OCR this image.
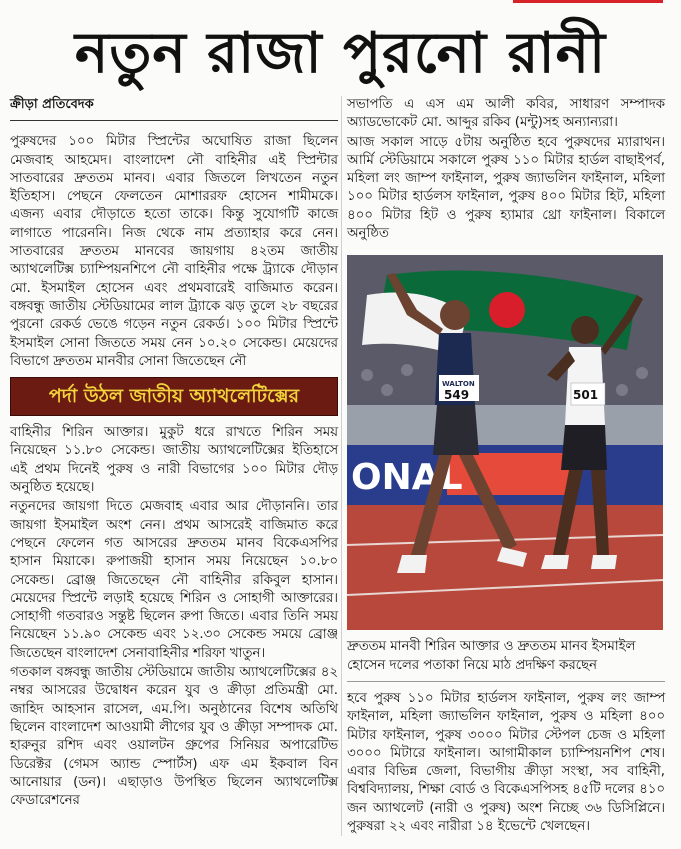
নতুন রাজা পুরনো রানী
ক্রীড়া প্রতিবেদক

পুরুষদের ১০০ মিটার স্প্রিন্টের অঘোষিত রাজা ছিলেন মেজবাহ আহমেদ। বাংলাদেশ নৌ বাহিনীর এই স্প্রিন্টার সাতবারের দ্রুততম মানব। এবার জিতলে লিখতেন নতুন ইতিহাস। পেছনে ফেলতেন মোশাররফ হোসেন শামীমকে। এজন্য এবার দৌড়াতে হতো তাকে। কিন্তু সুযোগটি কাজে লাগাতে পারেননি। নিজ থেকে নাম প্রত্যাহার করে নেন। সাতবারের দ্রুততম মানবের জায়গায় ৪২তম জাতীয় অ্যাথলেটিক্স চ্যাম্পিয়নশিপে নৌ বাহিনীর পক্ষে ট্র্যাকে দৌড়ান মো. ইসমাইল হোসেন এবং প্রথমবারেই বাজিমাত করেন। বঙ্গবন্ধু জাতীয় স্টেডিয়ামের লাল ট্র্যাকে ঝড় তুলে ২৮ বছরের পুরনো রেকর্ড ভেঙে গড়েন নতুন রেকর্ড। ১০০ মিটার স্প্রিন্টে ইসমাইল সোনা জিততে সময় নেন ১০.২০ সেকেন্ড। মেয়েদের বিভাগে দ্রুততম মানবীর সোনা জিতেছেন নৌ

পর্দা উঠল জাতীয় অ্যাথলেটিক্সের

বাহিনীর শিরিন আক্তার। মুকুট ধরে রাখতে শিরিন সময় নিয়েছেন ১১.৮০ সেকেন্ড। জাতীয় অ্যাথলেটিক্সের ইতিহাসে এই প্রথম দিনেই পুরুষ ও নারী বিভাগের ১০০ মিটার দৌড় অনুষ্ঠিত হয়েছে।

নতুনদের জায়গা দিতে মেজবাহ এবার আর দৌড়াননি। তার জায়গা ইসমাইল অংশ নেন। প্রথম আসরেই বাজিমাত করে পেছনে ফেলেন গত আসরের দ্রুততম মানব বিকেএসপির হাসান মিয়াকে। রুপাজয়ী হাসান সময় নিয়েছেন ১০.৮০ সেকেন্ড। ব্রোঞ্জ জিতেছেন নৌ বাহিনীর রকিবুল হাসান। মেয়েদের স্প্রিন্টে লড়াই হয়েছে শিরিন ও সোহাগী আক্তারের। সোহাগী গতবারও সন্তুষ্ট ছিলেন রুপা জিতে। এবার তিনি সময় নিয়েছেন ১১.৯০ সেকেন্ড এবং ১২.৩০ সেকেন্ড সময়ে ব্রোঞ্জ জিতেছেন বাংলাদেশ সেনাবাহিনীর শরিফা খাতুন।

গতকাল বঙ্গবন্ধু জাতীয় স্টেডিয়ামে জাতীয় অ্যাথলেটিক্সের ৪২ নম্বর আসরের উদ্বোধন করেন যুব ও ক্রীড়া প্রতিমন্ত্রী মো. জাহিদ আহসান রাসেল, এম.পি। অনুষ্ঠানের বিশেষ অতিথি ছিলেন বাংলাদেশ আওয়ামী লীগের যুব ও ক্রীড়া সম্পাদক মো. হারুনুর রশিদ এবং ওয়ালটন গ্রুপের সিনিয়র অপারেটিভ ডিরেক্টর (গেমস অ্যান্ড স্পোর্টস) এফ এম ইকবাল বিন আনোয়ার (ডন)। এছাড়াও উপস্থিত ছিলেন অ্যাথলেটিক্স ফেডারেশনের

সভাপতি এ এস এম আলী কবির, সাধারণ সম্পাদক অ্যাডভোকেট মো. আব্দুর রকিব (মন্টু)সহ অন্যান্যরা।

আজ সকাল সাড়ে ৫টায় অনুষ্ঠিত হবে পুরুষদের ম্যারাথন। আর্মি স্টেডিয়ামে সকালে পুরুষ ১১০ মিটার হার্ডল বাছাইপর্ব, মহিলা লং জাম্প ফাইনাল, পুরুষ জ্যাভলিন ফাইনাল, মহিলা ১০০ মিটার হার্ডলস ফাইনাল, পুরুষ ৪০০ মিটার হিট, মহিলা ৪০০ মিটার হিট ও পুরুষ হ্যামার থ্রো ফাইনাল। বিকালে অনুষ্ঠিত

ONAL
WALTON
549	501
দ্রুততম মানবী শিরিন আক্তার ও দ্রুততম মানব ইসমাইল হোসেন দলের পতাকা নিয়ে মাঠ প্রদক্ষিণ করছেন

হবে পুরুষ ১১০ মিটার হার্ডলস ফাইনাল, পুরুষ লং জাম্প ফাইনাল, মহিলা জ্যাভলিন ফাইনাল, পুরুষ ও মহিলা ৪০০ মিটার ফাইনাল, পুরুষ ৩০০০ মিটার স্টেপল চেজ ও মহিলা ৩০০০ মিটারে ফাইনাল। আগামীকাল চ্যাম্পিয়নশিপ শেষ। এবার বিভিন্ন জেলা, বিভাগীয় ক্রীড়া সংস্থা, সব বাহিনী, বিশ্ববিদ্যালয়, শিক্ষা বোর্ড ও বিকেএসপিসহ ৪৫টি দলের ৪১০ জন অ্যাথলেট (নারী ও পুরুষ) অংশ নিচ্ছে ৩৬ ডিসিপ্লিনে। পুরুষরা ২২ এবং নারীরা ১৪ ইভেন্টে খেলছেন।
